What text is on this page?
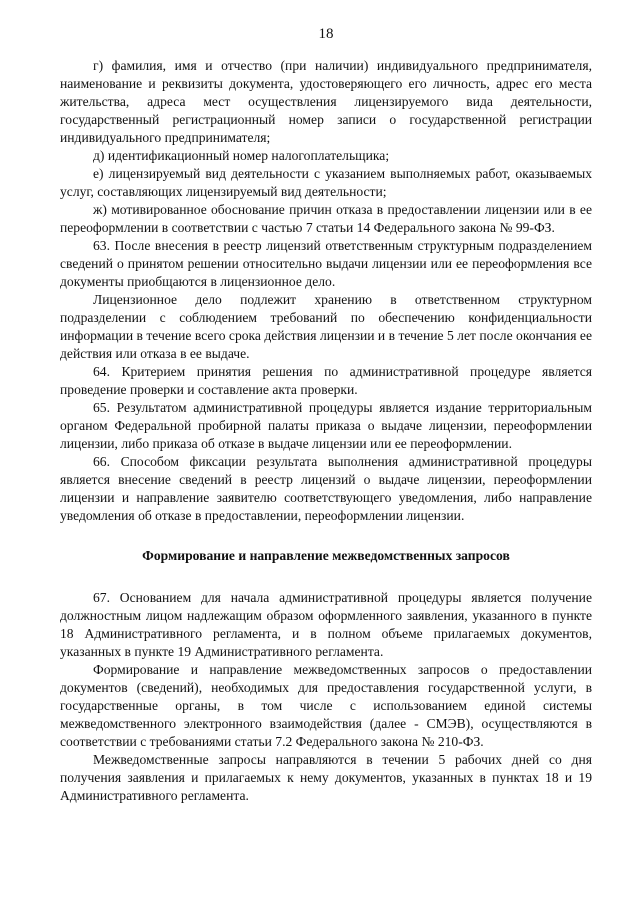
18

г) фамилия, имя и отчество (при наличии) индивидуального предпринимателя, наименование и реквизиты документа, удостоверяющего его личность, адрес его места жительства, адреса мест осуществления лицензируемого вида деятельности, государственный регистрационный номер записи о государственной регистрации индивидуального предпринимателя;

д) идентификационный номер налогоплательщика;

е) лицензируемый вид деятельности с указанием выполняемых работ, оказываемых услуг, составляющих лицензируемый вид деятельности;

ж) мотивированное обоснование причин отказа в предоставлении лицензии или в ее переоформлении в соответствии с частью 7 статьи 14 Федерального закона № 99-ФЗ.

63. После внесения в реестр лицензий ответственным структурным подразделением сведений о принятом решении относительно выдачи лицензии или ее переоформления все документы приобщаются в лицензионное дело.

Лицензионное дело подлежит хранению в ответственном структурном подразделении с соблюдением требований по обеспечению конфиденциальности информации в течение всего срока действия лицензии и в течение 5 лет после окончания ее действия или отказа в ее выдаче.

64. Критерием принятия решения по административной процедуре является проведение проверки и составление акта проверки.

65. Результатом административной процедуры является издание территориальным органом Федеральной пробирной палаты приказа о выдаче лицензии, переоформлении лицензии, либо приказа об отказе в выдаче лицензии или ее переоформлении.

66. Способом фиксации результата выполнения административной процедуры является внесение сведений в реестр лицензий о выдаче лицензии, переоформлении лицензии и направление заявителю соответствующего уведомления, либо направление уведомления об отказе в предоставлении, переоформлении лицензии.

Формирование и направление межведомственных запросов

67. Основанием для начала административной процедуры является получение должностным лицом надлежащим образом оформленного заявления, указанного в пункте 18 Административного регламента, и в полном объеме прилагаемых документов, указанных в пункте 19 Административного регламента.

Формирование и направление межведомственных запросов о предоставлении документов (сведений), необходимых для предоставления государственной услуги, в государственные органы, в том числе с использованием единой системы межведомственного электронного взаимодействия (далее - СМЭВ), осуществляются в соответствии с требованиями статьи 7.2 Федерального закона № 210-ФЗ.

Межведомственные запросы направляются в течении 5 рабочих дней со дня получения заявления и прилагаемых к нему документов, указанных в пунктах 18 и 19 Административного регламента.
